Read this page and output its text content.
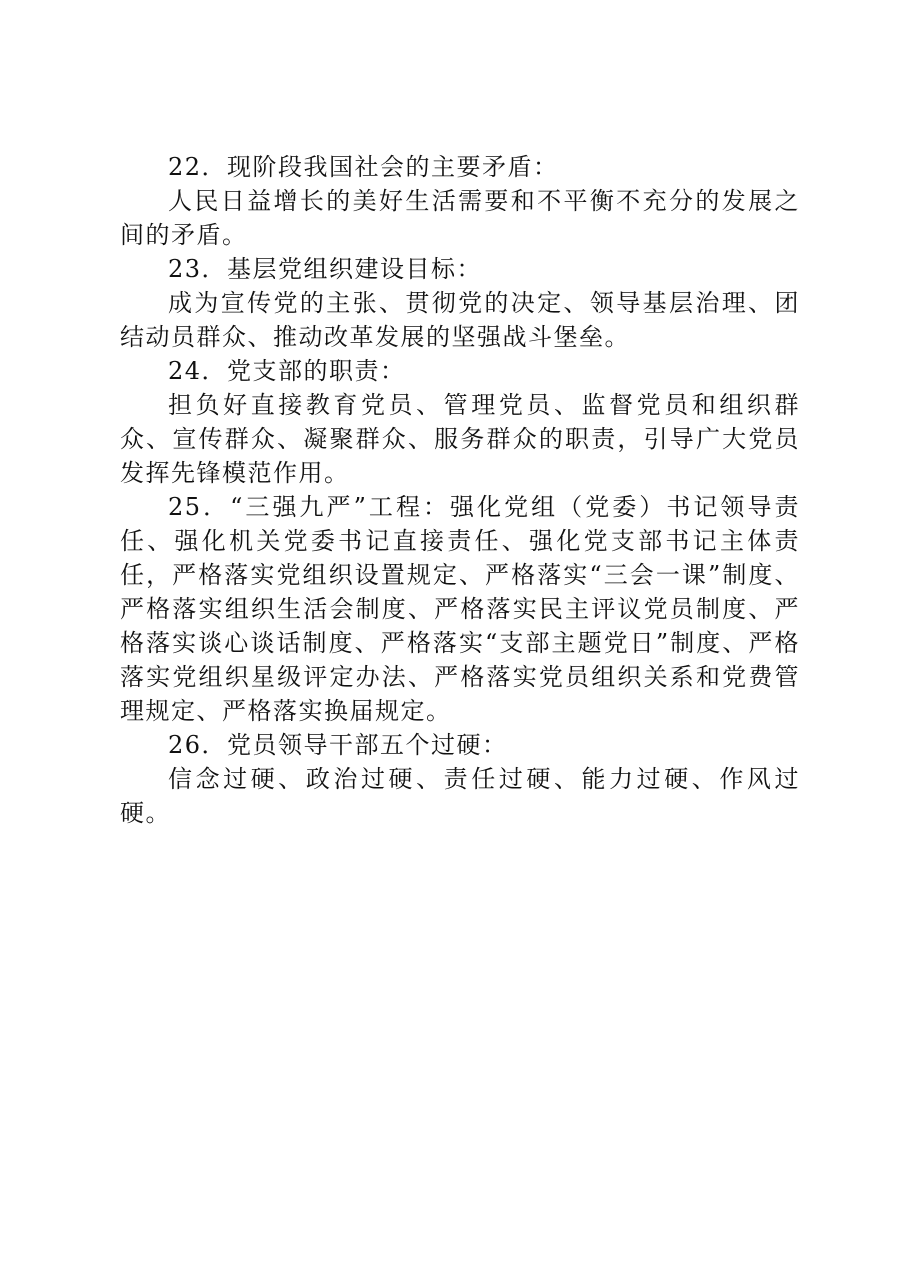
22．现阶段我国社会的主要矛盾：

人民日益增长的美好生活需要和不平衡不充分的发展之间的矛盾。

23．基层党组织建设目标：

成为宣传党的主张、贯彻党的决定、领导基层治理、团结动员群众、推动改革发展的坚强战斗堡垒。

24．党支部的职责：

担负好直接教育党员、管理党员、监督党员和组织群众、宣传群众、凝聚群众、服务群众的职责，引导广大党员发挥先锋模范作用。

25．“三强九严”工程：强化党组（党委）书记领导责任、强化机关党委书记直接责任、强化党支部书记主体责任，严格落实党组织设置规定、严格落实“三会一课”制度、严格落实组织生活会制度、严格落实民主评议党员制度、严格落实谈心谈话制度、严格落实“支部主题党日”制度、严格落实党组织星级评定办法、严格落实党员组织关系和党费管理规定、严格落实换届规定。

26．党员领导干部五个过硬：

信念过硬、政治过硬、责任过硬、能力过硬、作风过硬。
